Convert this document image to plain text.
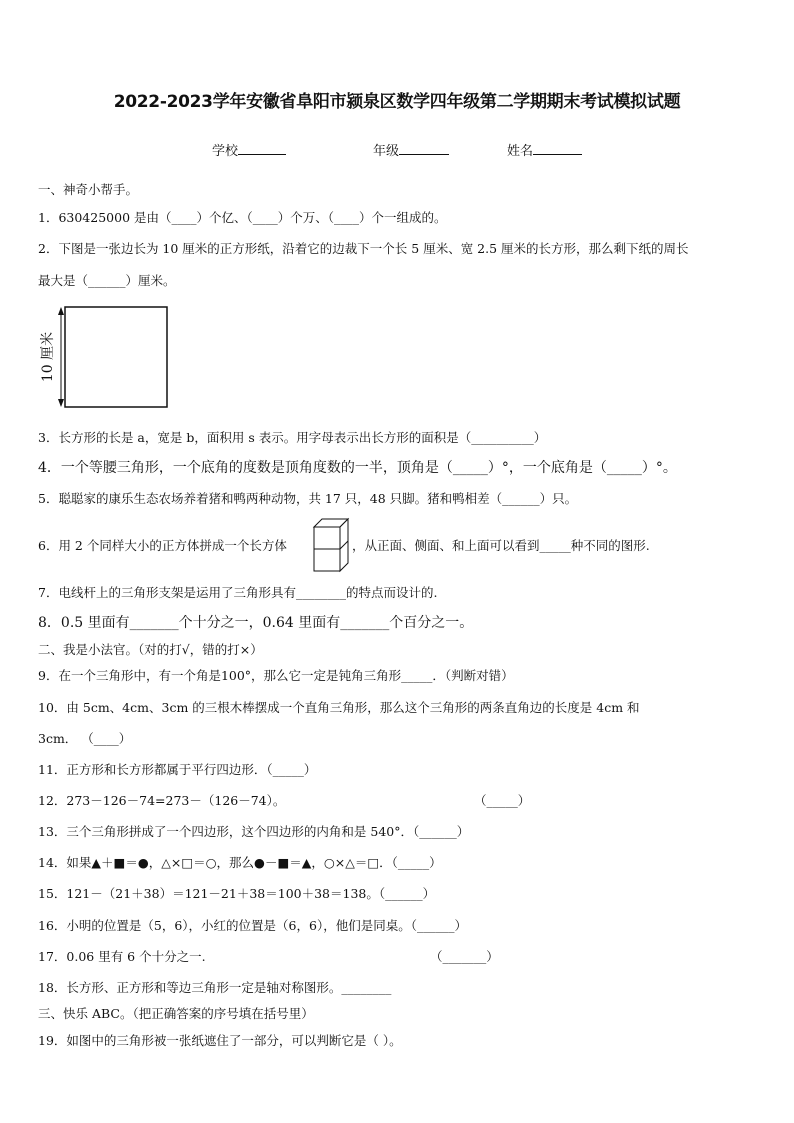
2022-2023学年安徽省阜阳市颍泉区数学四年级第二学期期末考试模拟试题
学校	年级	姓名
一、神奇小帮手。
1．630425000 是由（____）个亿、（____）个万、（____）个一组成的。
2．下图是一张边长为 10 厘米的正方形纸，沿着它的边裁下一个长 5 厘米、宽 2.5 厘米的长方形，那么剩下纸的周长
最大是（______）厘米。
10 厘米
3．长方形的长是 a，宽是 b，面积用 s 表示。用字母表示出长方形的面积是（__________）
4．一个等腰三角形，一个底角的度数是顶角度数的一半，顶角是（_____）°，一个底角是（_____）°。
5．聪聪家的康乐生态农场养着猪和鸭两种动物，共 17 只，48 只脚。猪和鸭相差（______）只。
6．用 2 个同样大小的正方体拼成一个长方体	，从正面、侧面、和上面可以看到_____种不同的图形.
7．电线杆上的三角形支架是运用了三角形具有________的特点而设计的.
8．0.5 里面有_______个十分之一，0.64 里面有_______个百分之一。
二、我是小法官。（对的打√，错的打×）
9．在一个三角形中，有一个角是100°，那么它一定是钝角三角形_____．（判断对错）
10．由 5cm、4cm、3cm 的三根木棒摆成一个直角三角形，那么这个三角形的两条直角边的长度是 4cm 和
3cm． （____）
11．正方形和长方形都属于平行四边形．（_____）
12．273－126－74=273－（126－74）。	（_____）
13．三个三角形拼成了一个四边形，这个四边形的内角和是 540°．（______）
14．如果▲＋■＝●，△×□＝○，那么●－■＝▲，○×△＝□．（_____）
15．121－（21＋38）＝121－21＋38＝100＋38＝138。（______）
16．小明的位置是（5，6），小红的位置是（6，6），他们是同桌。（______）
17．0.06 里有 6 个十分之一.	（_______）
18．长方形、正方形和等边三角形一定是轴对称图形。________
三、快乐 ABC。（把正确答案的序号填在括号里）
19．如图中的三角形被一张纸遮住了一部分，可以判断它是（ ）。
